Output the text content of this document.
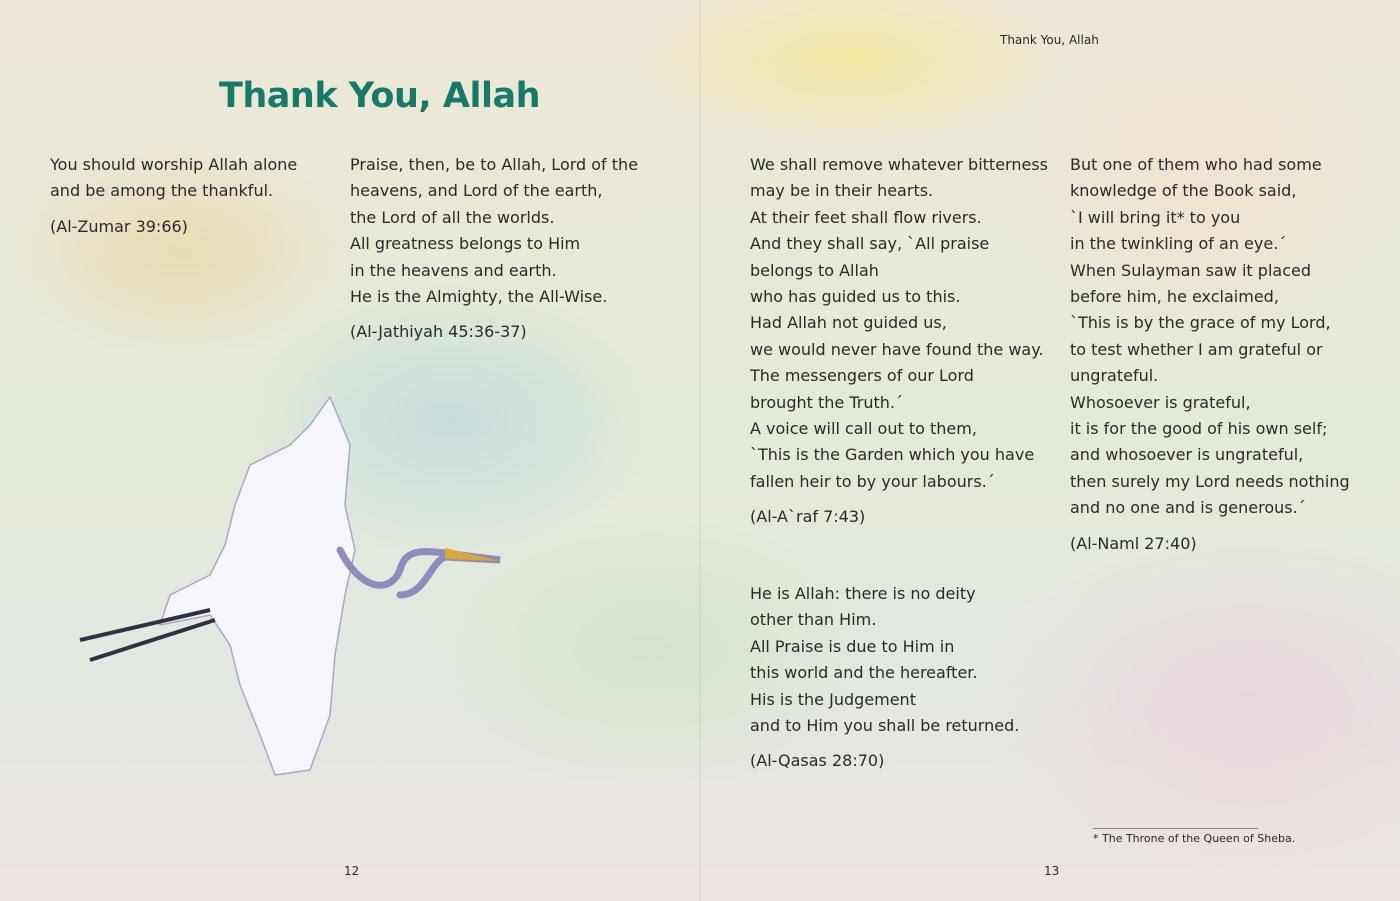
Thank You, Allah
Thank You, Allah
You should worship Allah alone
and be among the thankful.
(Al-Zumar 39:66)
Praise, then, be to Allah, Lord of the
heavens, and Lord of the earth,
the Lord of all the worlds.
All greatness belongs to Him
in the heavens and earth.
He is the Almighty, the All-Wise.
(Al-Jathiyah 45:36-37)
We shall remove whatever bitterness
may be in their hearts.
At their feet shall flow rivers.
And they shall say, `All praise
belongs to Allah
who has guided us to this.
Had Allah not guided us,
we would never have found the way.
The messengers of our Lord
brought the Truth.´
A voice will call out to them,
`This is the Garden which you have
fallen heir to by your labours.´
(Al-A`raf 7:43)
He is Allah: there is no deity
other than Him.
All Praise is due to Him in
this world and the hereafter.
His is the Judgement
and to Him you shall be returned.
(Al-Qasas 28:70)
But one of them who had some
knowledge of the Book said,
`I will bring it* to you
in the twinkling of an eye.´
When Sulayman saw it placed
before him, he exclaimed,
`This is by the grace of my Lord,
to test whether I am grateful or
ungrateful.
Whosoever is grateful,
it is for the good of his own self;
and whosoever is ungrateful,
then surely my Lord needs nothing
and no one and is generous.´
(Al-Naml 27:40)
12	13
* The Throne of the Queen of Sheba.
